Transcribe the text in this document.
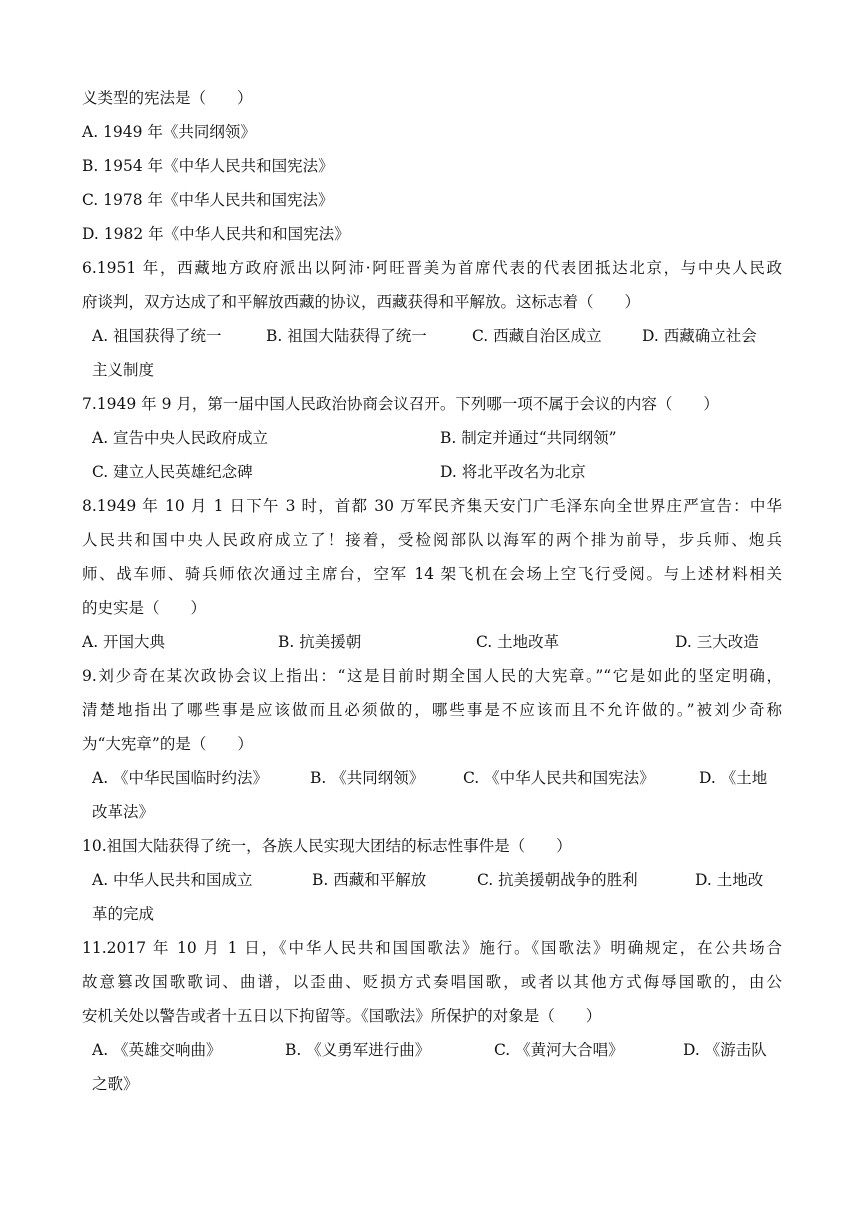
义类型的宪法是（　　）
A. 1949 年《共同纲领》
B. 1954 年《中华人民共和国宪法》
C. 1978 年《中华人民共和国宪法》
D. 1982 年《中华人民共和和国宪法》
6.1951 年，西藏地方政府派出以阿沛·阿旺晋美为首席代表的代表团抵达北京，与中央人民政
府谈判，双方达成了和平解放西藏的协议，西藏获得和平解放。这标志着（　　）
A. 祖国获得了统一	B. 祖国大陆获得了统一	C. 西藏自治区成立	D. 西藏确立社会
主义制度
7.1949 年 9 月，第一届中国人民政治协商会议召开。下列哪一项不属于会议的内容（　　）
A. 宣告中央人民政府成立	B. 制定并通过“共同纲领”
C. 建立人民英雄纪念碑	D. 将北平改名为北京
8.1949 年 10 月 1 日下午 3 时，首都 30 万军民齐集天安门广毛泽东向全世界庄严宣告：中华
人民共和国中央人民政府成立了！接着，受检阅部队以海军的两个排为前导，步兵师、炮兵
师、战车师、骑兵师依次通过主席台，空军 14 架飞机在会场上空飞行受阅。与上述材料相关
的史实是（　　）
A. 开国大典	B. 抗美援朝	C. 土地改革	D. 三大改造
9.刘少奇在某次政协会议上指出：“这是目前时期全国人民的大宪章。”“它是如此的坚定明确，
清楚地指出了哪些事是应该做而且必须做的，哪些事是不应该而且不允许做的。”被刘少奇称
为“大宪章”的是（　　）
A. 《中华民国临时约法》	B. 《共同纲领》	C. 《中华人民共和国宪法》	D. 《土地
改革法》
10.祖国大陆获得了统一，各族人民实现大团结的标志性事件是（　　）
A. 中华人民共和国成立	B. 西藏和平解放	C. 抗美援朝战争的胜利	D. 土地改
革的完成
11.2017 年 10 月 1 日，《中华人民共和国国歌法》施行。《国歌法》明确规定，在公共场合
故意篡改国歌歌词、曲谱，以歪曲、贬损方式奏唱国歌，或者以其他方式侮辱国歌的，由公
安机关处以警告或者十五日以下拘留等。《国歌法》所保护的对象是（　　）
A. 《英雄交响曲》	B. 《义勇军进行曲》	C. 《黄河大合唱》	D. 《游击队
之歌》
